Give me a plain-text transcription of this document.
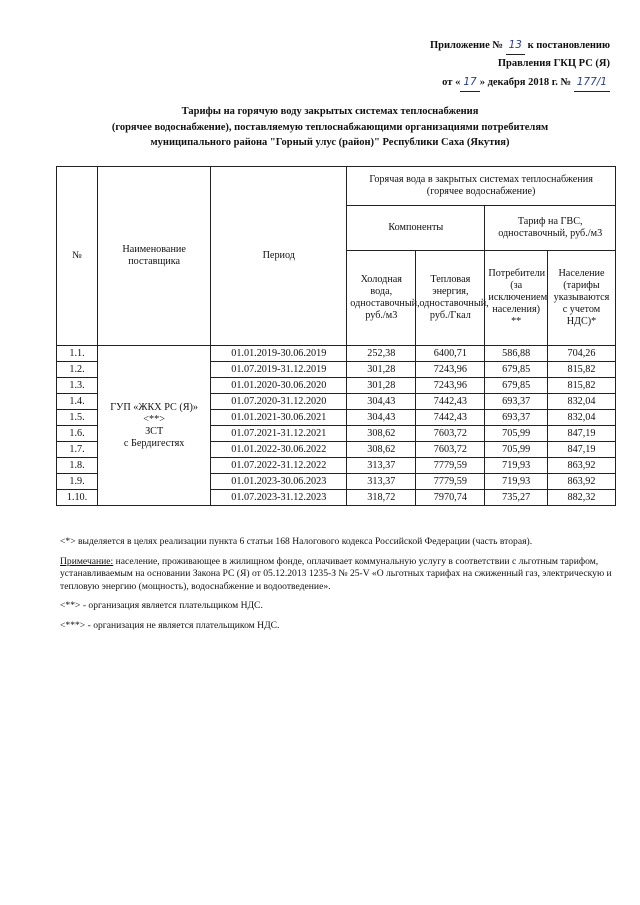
Приложение № 13 к постановлению
Правления ГКЦ РС (Я)
от « 17 » декабря 2018 г. № 177/1
Тарифы на горячую воду закрытых системах теплоснабжения
(горячее водоснабжение), поставляемую теплоснабжающими организациями потребителям
муниципального района "Горный улус (район)" Республики Саха (Якутия)
№	Наименование поставщика	Период	Горячая вода в закрытых системах теплоснабжения (горячее водоснабжение)			
			Компоненты		Тариф на ГВС, одноставочный, руб./м3	
			Холодная вода, одноставочный, руб./м3	Тепловая энергия, одноставочный, руб./Гкал	Потребители (за исключением населения) **	Население (тарифы указываются с учетом НДС)*
1.1.	ГУП «ЖКХ РС (Я)»
<**>
ЗСТ
с Бердигестях	01.01.2019-30.06.2019	252,38	6400,71	586,88	704,26
1.2.		01.07.2019-31.12.2019	301,28	7243,96	679,85	815,82
1.3.		01.01.2020-30.06.2020	301,28	7243,96	679,85	815,82
1.4.		01.07.2020-31.12.2020	304,43	7442,43	693,37	832,04
1.5.		01.01.2021-30.06.2021	304,43	7442,43	693,37	832,04
1.6.		01.07.2021-31.12.2021	308,62	7603,72	705,99	847,19
1.7.		01.01.2022-30.06.2022	308,62	7603,72	705,99	847,19
1.8.		01.07.2022-31.12.2022	313,37	7779,59	719,93	863,92
1.9.		01.01.2023-30.06.2023	313,37	7779,59	719,93	863,92
1.10.		01.07.2023-31.12.2023	318,72	7970,74	735,27	882,32

<*> выделяется в целях реализации пункта 6 статьи 168 Налогового кодекса Российской Федерации (часть вторая).

Примечание: население, проживающее в жилищном фонде, оплачивает коммунальную услугу в соответствии с льготным тарифом, устанавливаемым на основании Закона РС (Я) от 05.12.2013 1235-З № 25-V «О льготных тарифах на сжиженный газ, электрическую и тепловую энергию (мощность), водоснабжение и водоотведение».

<**> - организация является плательщиком НДС.

<***> - организация не является плательщиком НДС.
